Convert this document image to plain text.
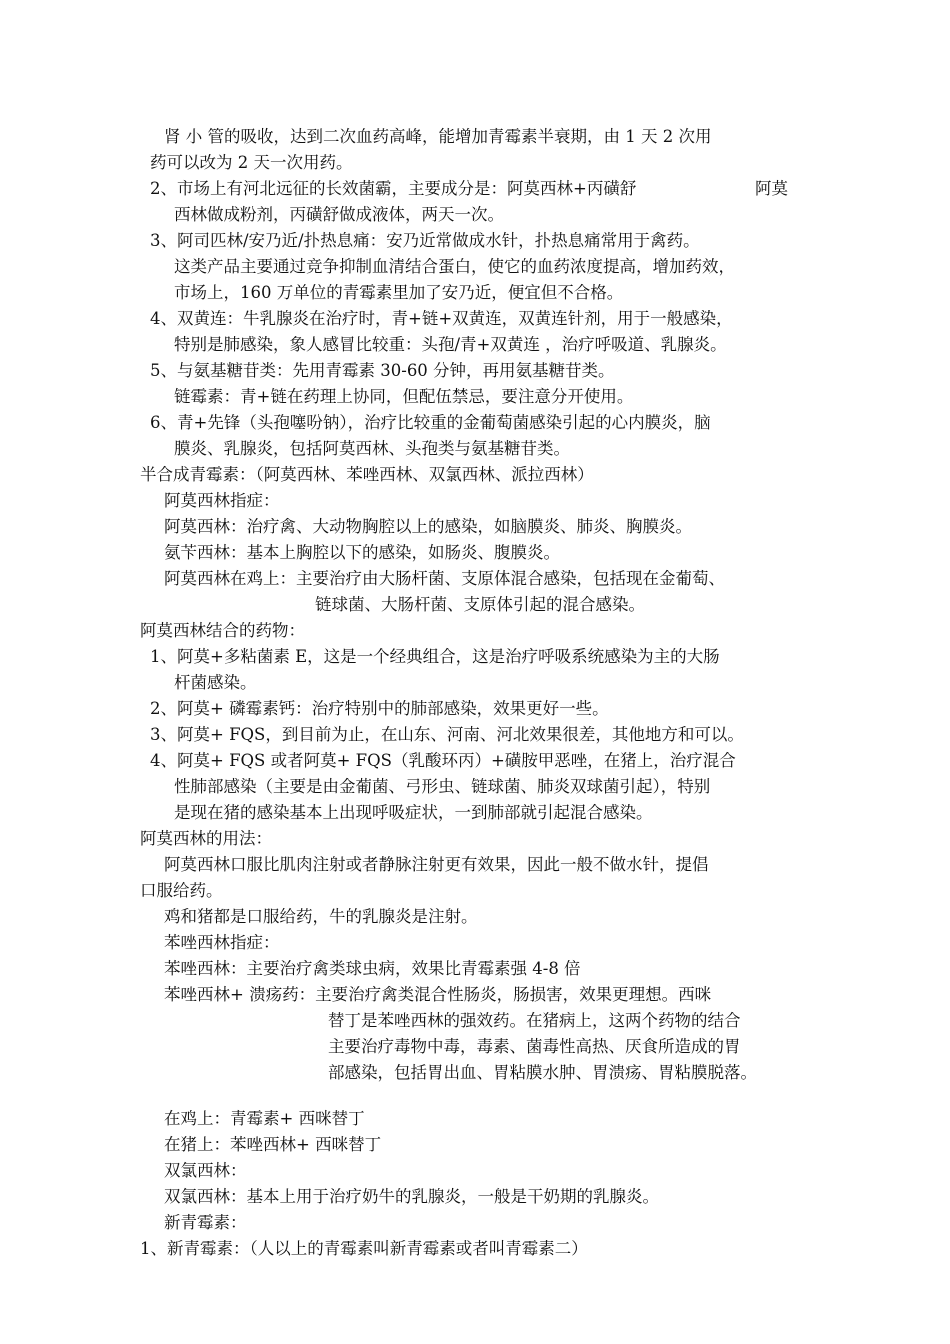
肾 小 管的吸收，达到二次血药高峰，能增加青霉素半衰期，由 1 天 2 次用
药可以改为 2 天一次用药。
2、市场上有河北远征的长效菌霸，主要成分是：阿莫西林+丙磺舒	阿莫
西林做成粉剂，丙磺舒做成液体，两天一次。
3、阿司匹林/安乃近/扑热息痛：安乃近常做成水针，扑热息痛常用于禽药。
这类产品主要通过竞争抑制血清结合蛋白，使它的血药浓度提高，增加药效，
市场上，160 万单位的青霉素里加了安乃近，便宜但不合格。
4、双黄连：牛乳腺炎在治疗时，青+链+双黄连，双黄连针剂，用于一般感染，
特别是肺感染，象人感冒比较重：头孢/青+双黄连 ，治疗呼吸道、乳腺炎。
5、与氨基糖苷类：先用青霉素 30-60 分钟，再用氨基糖苷类。
链霉素：青+链在药理上协同，但配伍禁忌，要注意分开使用。
6、青+先锋（头孢噻吩钠），治疗比较重的金葡萄菌感染引起的心内膜炎，脑
膜炎、乳腺炎，包括阿莫西林、头孢类与氨基糖苷类。
半合成青霉素：（阿莫西林、苯唑西林、双氯西林、派拉西林）
阿莫西林指症：
阿莫西林：治疗禽、大动物胸腔以上的感染，如脑膜炎、肺炎、胸膜炎。
氨苄西林：基本上胸腔以下的感染，如肠炎、腹膜炎。
阿莫西林在鸡上：主要治疗由大肠杆菌、支原体混合感染，包括现在金葡萄、
链球菌、大肠杆菌、支原体引起的混合感染。
阿莫西林结合的药物：
1、阿莫+多粘菌素 E，这是一个经典组合，这是治疗呼吸系统感染为主的大肠
杆菌感染。
2、阿莫+ 磷霉素钙：治疗特别中的肺部感染，效果更好一些。
3、阿莫+ FQS，到目前为止，在山东、河南、河北效果很差，其他地方和可以。
4、阿莫+ FQS 或者阿莫+ FQS（乳酸环丙）+磺胺甲恶唑，在猪上，治疗混合
性肺部感染（主要是由金葡菌、弓形虫、链球菌、肺炎双球菌引起），特别
是现在猪的感染基本上出现呼吸症状，一到肺部就引起混合感染。
阿莫西林的用法：
阿莫西林口服比肌肉注射或者静脉注射更有效果，因此一般不做水针，提倡
口服给药。
鸡和猪都是口服给药，牛的乳腺炎是注射。
苯唑西林指症：
苯唑西林：主要治疗禽类球虫病，效果比青霉素强 4-8 倍
苯唑西林+ 溃疡药：主要治疗禽类混合性肠炎，肠损害，效果更理想。西咪
替丁是苯唑西林的强效药。在猪病上，这两个药物的结合
主要治疗毒物中毒，毒素、菌毒性高热、厌食所造成的胃
部感染，包括胃出血、胃粘膜水肿、胃溃疡、胃粘膜脱落。
在鸡上：青霉素+ 西咪替丁
在猪上：苯唑西林+ 西咪替丁
双氯西林：
双氯西林：基本上用于治疗奶牛的乳腺炎，一般是干奶期的乳腺炎。
新青霉素：
1、新青霉素：（人以上的青霉素叫新青霉素或者叫青霉素二）
